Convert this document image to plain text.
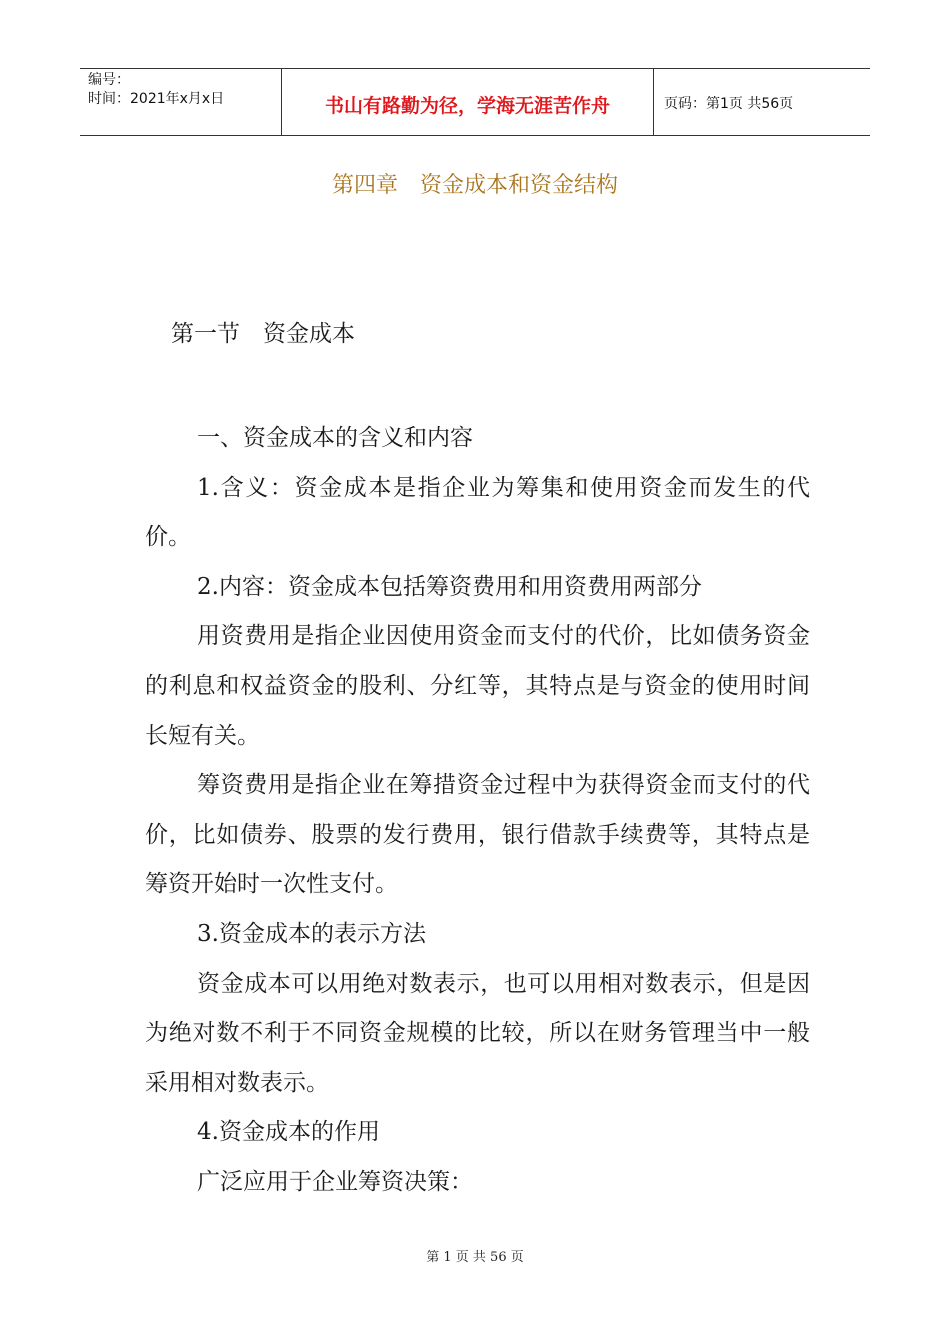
编号：
时间：2021年x月x日	书山有路勤为径，学海无涯苦作舟	页码：第1页 共56页
第四章　资金成本和资金结构
第一节　资金成本

一、资金成本的含义和内容

1.含义：资金成本是指企业为筹集和使用资金而发生的代价。

2.内容：资金成本包括筹资费用和用资费用两部分

用资费用是指企业因使用资金而支付的代价，比如债务资金的利息和权益资金的股利、分红等，其特点是与资金的使用时间长短有关。

筹资费用是指企业在筹措资金过程中为获得资金而支付的代价，比如债券、股票的发行费用，银行借款手续费等，其特点是筹资开始时一次性支付。

3.资金成本的表示方法

资金成本可以用绝对数表示，也可以用相对数表示，但是因为绝对数不利于不同资金规模的比较，所以在财务管理当中一般采用相对数表示。

4.资金成本的作用

广泛应用于企业筹资决策：

第 1 页 共 56 页
